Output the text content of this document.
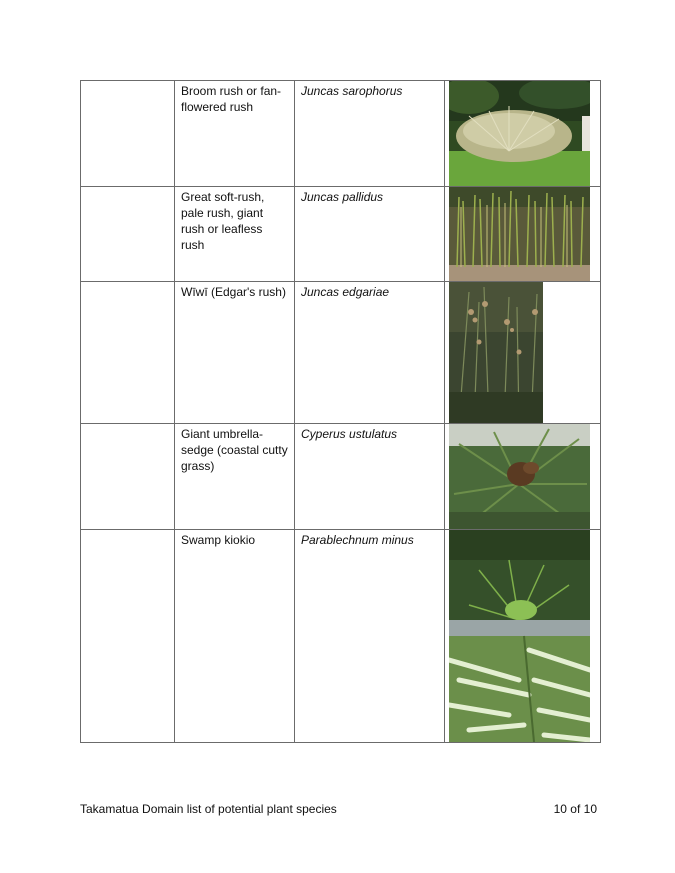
	Broom rush or fan-flowered rush	Juncas sarophorus

	Great soft-rush, pale rush, giant rush or leafless rush	Juncas pallidus

	Wīwī (Edgar's rush)	Juncas edgariae

	Giant umbrella-sedge (coastal cutty grass)	Cyperus ustulatus

	Swamp kiokio	Parablechnum minus

Takamatua Domain list of potential plant species	10 of 10
